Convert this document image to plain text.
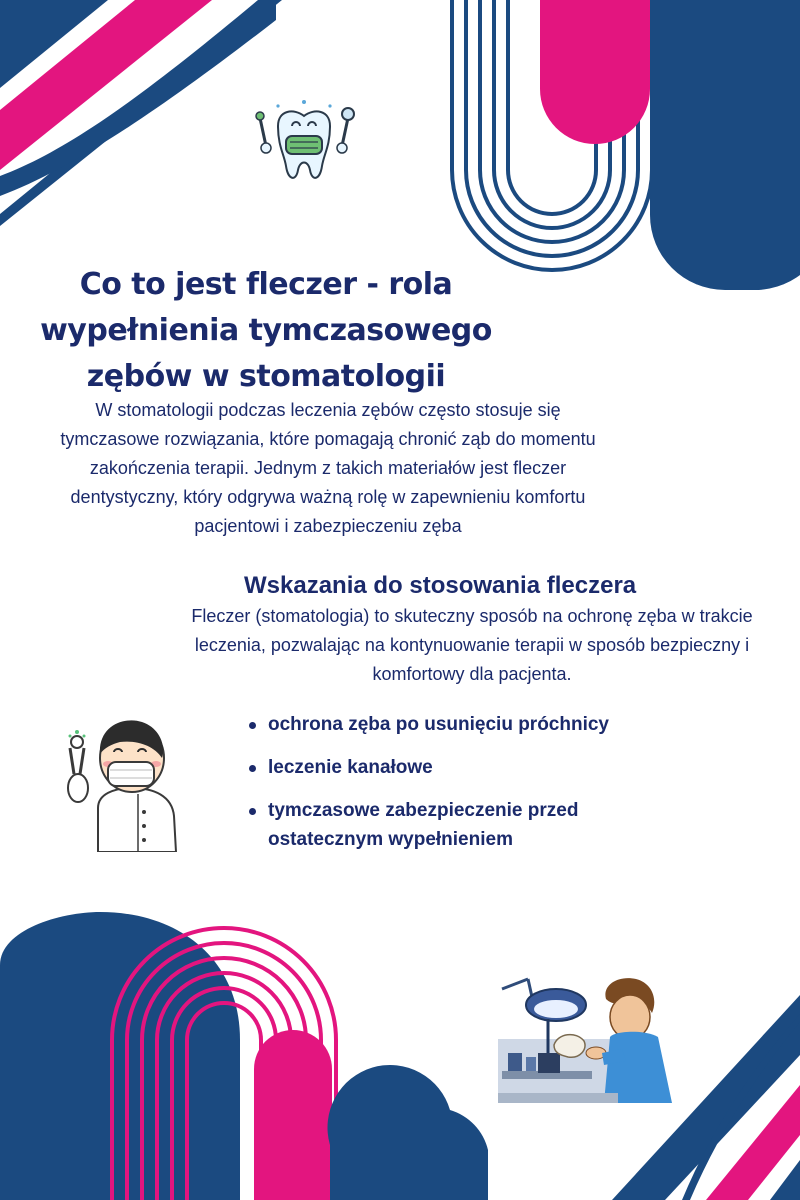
Co to jest fleczer - rola
wypełnienia tymczasowego
zębów w stomatologii
W stomatologii podczas leczenia zębów często stosuje się
tymczasowe rozwiązania, które pomagają chronić ząb do momentu
zakończenia terapii. Jednym z takich materiałów jest fleczer
dentystyczny, który odgrywa ważną rolę w zapewnieniu komfortu
pacjentowi i zabezpieczeniu zęba
Wskazania do stosowania fleczera
Fleczer (stomatologia) to skuteczny sposób na ochronę zęba w trakcie
leczenia, pozwalając na kontynuowanie terapii w sposób bezpieczny i
komfortowy dla pacjenta.
ochrona zęba po usunięciu próchnicy
leczenie kanałowe
tymczasowe zabezpieczenie przed
ostatecznym wypełnieniem
